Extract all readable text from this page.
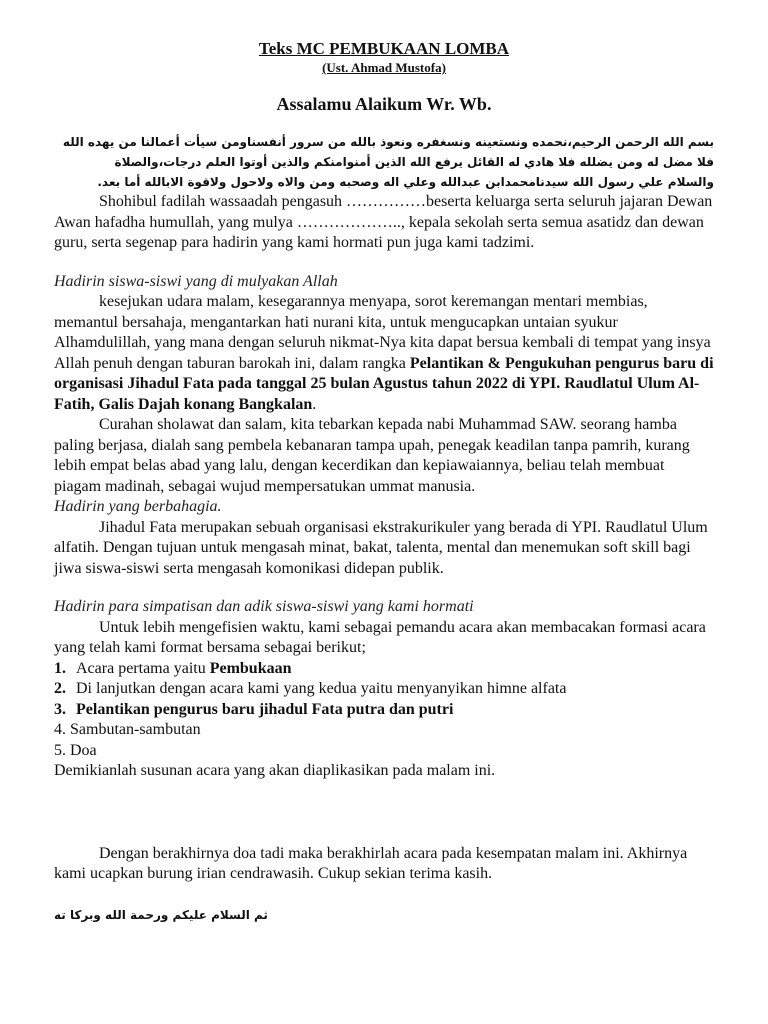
Teks MC PEMBUKAAN LOMBA
(Ust. Ahmad Mustofa)
Assalamu Alaikum Wr. Wb.
بسم الله الرحمن الرحيم،نحمده ونستعينه ونسغفره ونعوذ بالله من سرور أنفسناومن سيأت أعمالنا من يهده الله
فلا مضل له ومن يضلله فلا هادي له القائل يرفع الله الذين أمنوامنكم والذين أوتوا العلم درجات،والصلاة
والسلام علي رسول الله سيدنامحمدابن عبدالله وعلي اله وصحبه ومن والاه ولاحول ولاقوة الابالله أما بعد.
Shohibul fadilah wassaadah pengasuh ……………beserta keluarga serta seluruh jajaran Dewan Awan hafadha humullah, yang mulya ……………….., kepala sekolah serta semua asatidz dan dewan guru, serta segenap para hadirin yang kami hormati pun juga kami tadzimi.
Hadirin siswa-siswi yang di mulyakan Allah
kesejukan udara malam, kesegarannya menyapa, sorot keremangan mentari membias, memantul bersahaja, mengantarkan hati nurani kita, untuk mengucapkan untaian syukur Alhamdulillah, yang mana dengan seluruh nikmat-Nya kita dapat bersua kembali di tempat yang insya Allah penuh dengan taburan barokah ini, dalam rangka Pelantikan & Pengukuhan pengurus baru di organisasi Jihadul Fata pada tanggal 25 bulan Agustus tahun 2022 di YPI. Raudlatul Ulum Al-Fatih, Galis Dajah konang Bangkalan.
Curahan sholawat dan salam, kita tebarkan kepada nabi Muhammad SAW. seorang hamba paling berjasa, dialah sang pembela kebanaran tampa upah, penegak keadilan tanpa pamrih, kurang lebih empat belas abad yang lalu, dengan kecerdikan dan kepiawaiannya, beliau telah membuat piagam madinah, sebagai wujud mempersatukan ummat manusia.
Hadirin yang berbahagia.
Jihadul Fata merupakan sebuah organisasi ekstrakurikuler yang berada di YPI. Raudlatul Ulum alfatih. Dengan tujuan untuk mengasah minat, bakat, talenta, mental dan menemukan soft skill bagi jiwa siswa-siswi serta mengasah komonikasi didepan publik.
Hadirin para simpatisan dan adik siswa-siswi yang kami hormati
Untuk lebih mengefisien waktu, kami sebagai pemandu acara akan membacakan formasi acara yang telah kami format bersama sebagai berikut;
1. Acara pertama yaitu Pembukaan
2. Di lanjutkan dengan acara kami yang kedua yaitu menyanyikan himne alfata
3. Pelantikan pengurus baru jihadul Fata putra dan putri
4. Sambutan-sambutan
5. Doa
Demikianlah susunan acara yang akan diaplikasikan pada malam ini.
Dengan berakhirnya doa tadi maka berakhirlah acara pada kesempatan malam ini. Akhirnya kami ucapkan burung irian cendrawasih. Cukup sekian terima kasih.
ثم السلام عليكم ورحمة الله وبركا ته
